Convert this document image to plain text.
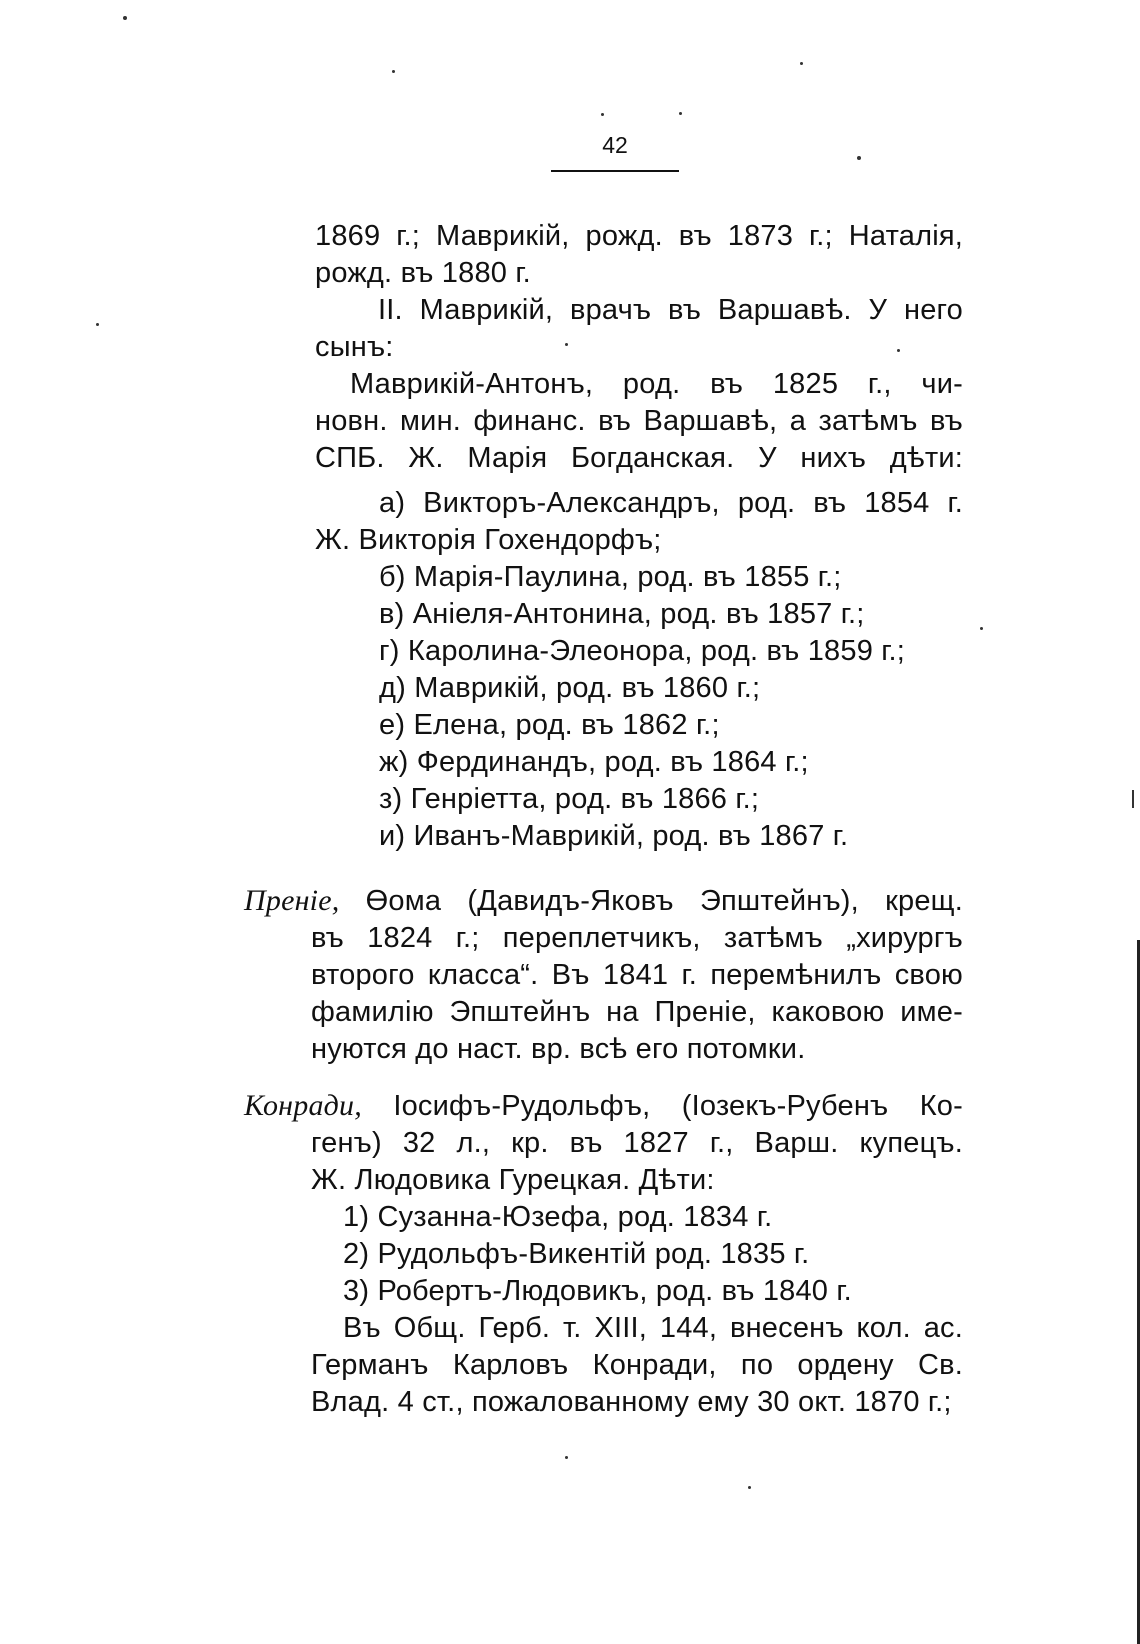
42
1869 г.; Маврикій, рожд. въ 1873 г.; Наталія,
рожд. въ 1880 г.
II. Маврикій, врачъ въ Варшавѣ. У него
сынъ:
Маврикій-Антонъ, род. въ 1825 г., чи-
новн. мин. финанс. въ Варшавѣ, а затѣмъ въ
СПБ. Ж. Марія Богданская. У нихъ дѣти:
а) Викторъ-Александръ, род. въ 1854 г.
Ж. Викторія Гохендорфъ;
б) Марія-Паулина, род. въ 1855 г.;
в) Аніеля-Антонина, род. въ 1857 г.;
г) Каролина-Элеонора, род. въ 1859 г.;
д) Маврикій, род. въ 1860 г.;
е) Елена, род. въ 1862 г.;
ж) Фердинандъ, род. въ 1864 г.;
з) Генріетта, род. въ 1866 г.;
и) Иванъ-Маврикій, род. въ 1867 г.
Преніе, Өома (Давидъ-Яковъ Эпштейнъ), крещ.
въ 1824 г.; переплетчикъ, затѣмъ „хирургъ
второго класса“. Въ 1841 г. перемѣнилъ свою
фамилію Эпштейнъ на Преніе, каковою име-
нуются до наст. вр. всѣ его потомки.
Конради, Іосифъ-Рудольфъ, (Іозекъ-Рубенъ Ко-
генъ) 32 л., кр. въ 1827 г., Варш. купецъ.
Ж. Людовика Гурецкая. Дѣти:
1) Сузанна-Юзефа, род. 1834 г.
2) Рудольфъ-Викентій род. 1835 г.
3) Робертъ-Людовикъ, род. въ 1840 г.
Въ Общ. Герб. т. XIII, 144, внесенъ кол. ас.
Германъ Карловъ Конради, по ордену Св.
Влад. 4 ст., пожалованному ему 30 окт. 1870 г.;
